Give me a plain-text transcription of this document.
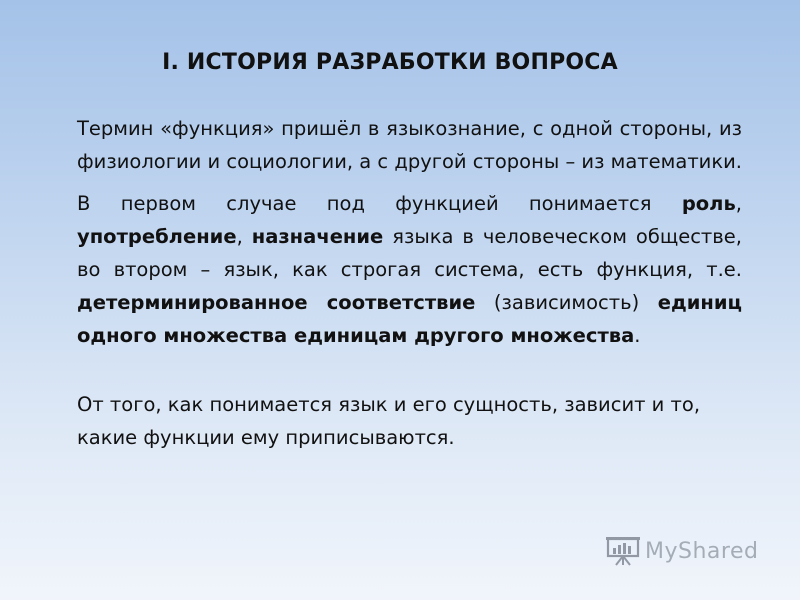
I. ИСТОРИЯ РАЗРАБОТКИ ВОПРОСА

Термин «функция» пришёл в языкознание, с одной стороны, из физиологии и социологии, а с другой стороны – из математики.

В первом случае под функцией понимается роль, употребление, назначение языка в человеческом обществе, во втором – язык, как строгая система, есть функция, т.е. детерминированное соответствие (зависимость) единиц одного множества единицам другого множества.

От того, как понимается язык и его сущность, зависит и то, какие функции ему приписываются.

MyShared
